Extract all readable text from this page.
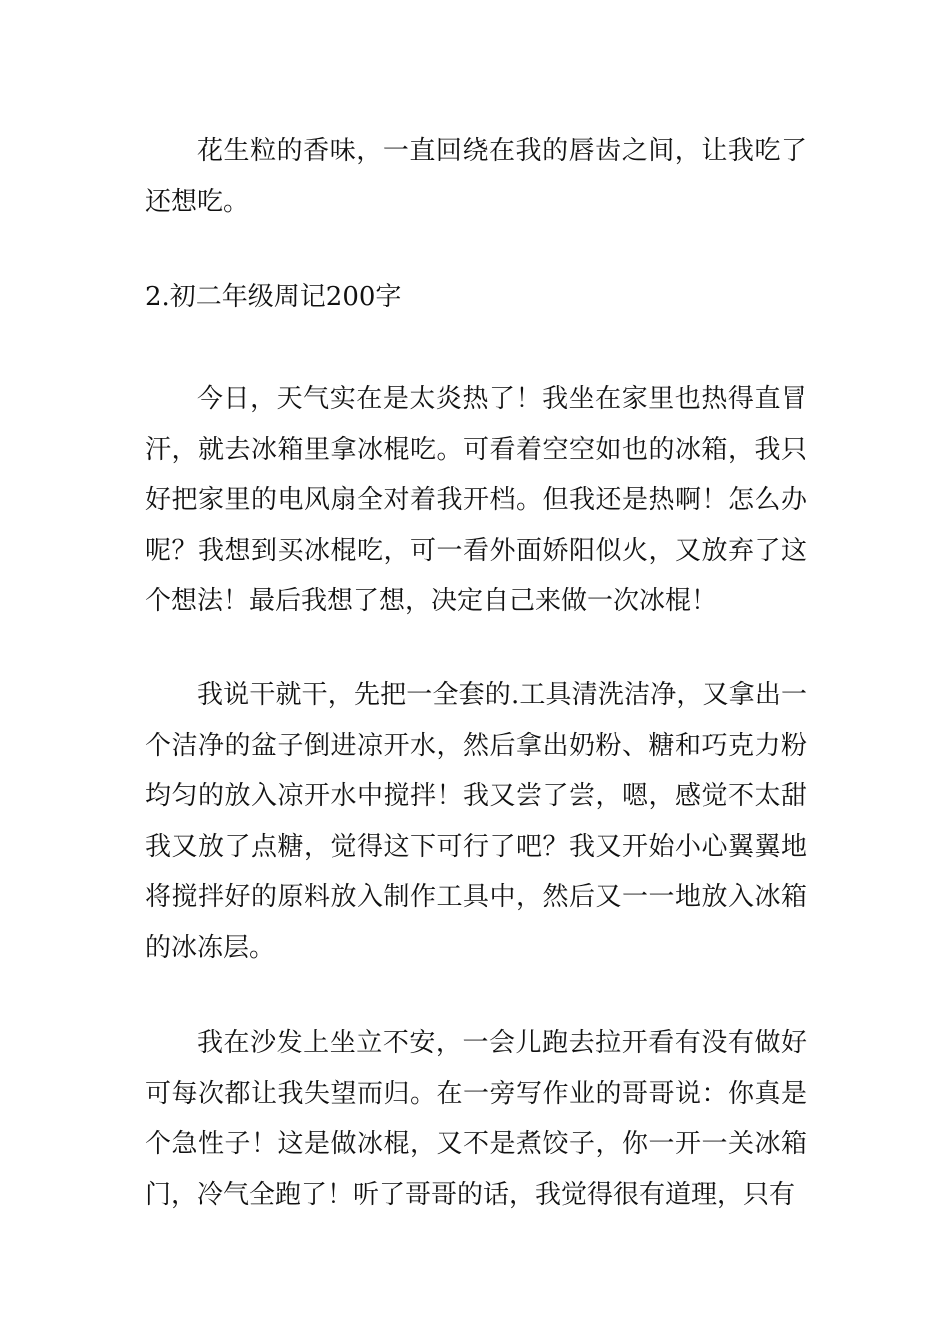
花生粒的香味，一直回绕在我的唇齿之间，让我吃了还想吃。

2.初二年级周记200字

今日，天气实在是太炎热了！我坐在家里也热得直冒汗，就去冰箱里拿冰棍吃。可看着空空如也的冰箱，我只好把家里的电风扇全对着我开档。但我还是热啊！怎么办呢？我想到买冰棍吃，可一看外面娇阳似火，又放弃了这个想法！最后我想了想，决定自己来做一次冰棍！

我说干就干，先把一全套的.工具清洗洁净，又拿出一个洁净的盆子倒进凉开水，然后拿出奶粉、糖和巧克力粉均匀的放入凉开水中搅拌！我又尝了尝，嗯，感觉不太甜我又放了点糖，觉得这下可行了吧？我又开始小心翼翼地将搅拌好的原料放入制作工具中，然后又一一地放入冰箱的冰冻层。

我在沙发上坐立不安，一会儿跑去拉开看有没有做好可每次都让我失望而归。在一旁写作业的哥哥说：你真是个急性子！这是做冰棍，又不是煮饺子，你一开一关冰箱门，冷气全跑了！听了哥哥的话，我觉得很有道理，只有
